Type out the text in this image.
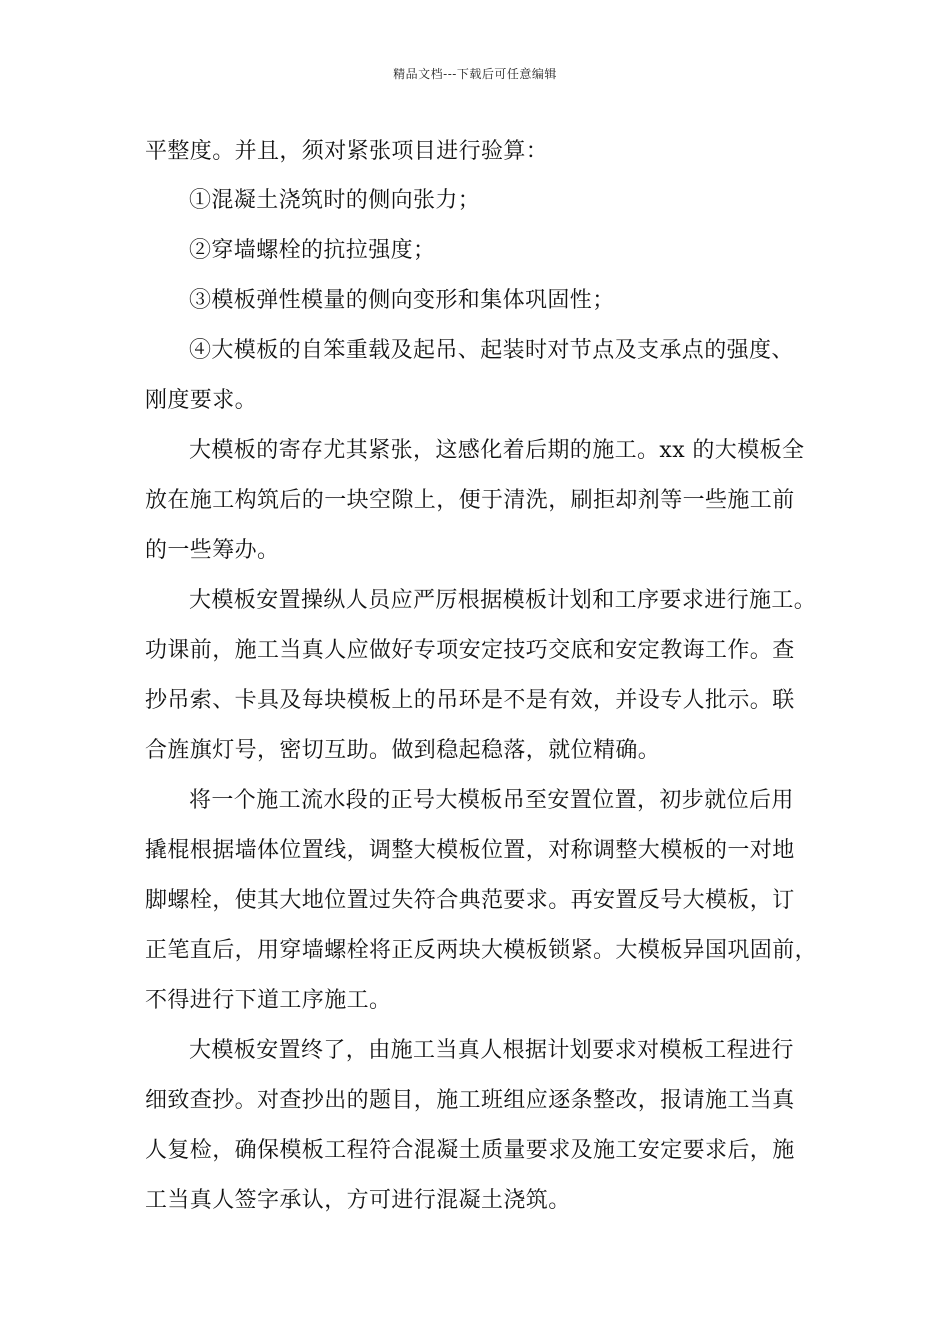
精品文档---下载后可任意编辑
平整度。并且，须对紧张项目进行验算：
①混凝土浇筑时的侧向张力；
②穿墙螺栓的抗拉强度；
③模板弹性模量的侧向变形和集体巩固性；
④大模板的自笨重载及起吊、起装时对节点及支承点的强度、
刚度要求。
大模板的寄存尤其紧张，这感化着后期的施工。xx 的大模板全
放在施工构筑后的一块空隙上，便于清洗，刷拒却剂等一些施工前
的一些筹办。
大模板安置操纵人员应严厉根据模板计划和工序要求进行施工。
功课前，施工当真人应做好专项安定技巧交底和安定教诲工作。查
抄吊索、卡具及每块模板上的吊环是不是有效，并设专人批示。联
合旌旗灯号，密切互助。做到稳起稳落，就位精确。
将一个施工流水段的正号大模板吊至安置位置，初步就位后用
撬棍根据墙体位置线，调整大模板位置，对称调整大模板的一对地
脚螺栓，使其大地位置过失符合典范要求。再安置反号大模板，订
正笔直后，用穿墙螺栓将正反两块大模板锁紧。大模板异国巩固前，
不得进行下道工序施工。
大模板安置终了，由施工当真人根据计划要求对模板工程进行
细致查抄。对查抄出的题目，施工班组应逐条整改，报请施工当真
人复检，确保模板工程符合混凝土质量要求及施工安定要求后，施
工当真人签字承认，方可进行混凝土浇筑。
